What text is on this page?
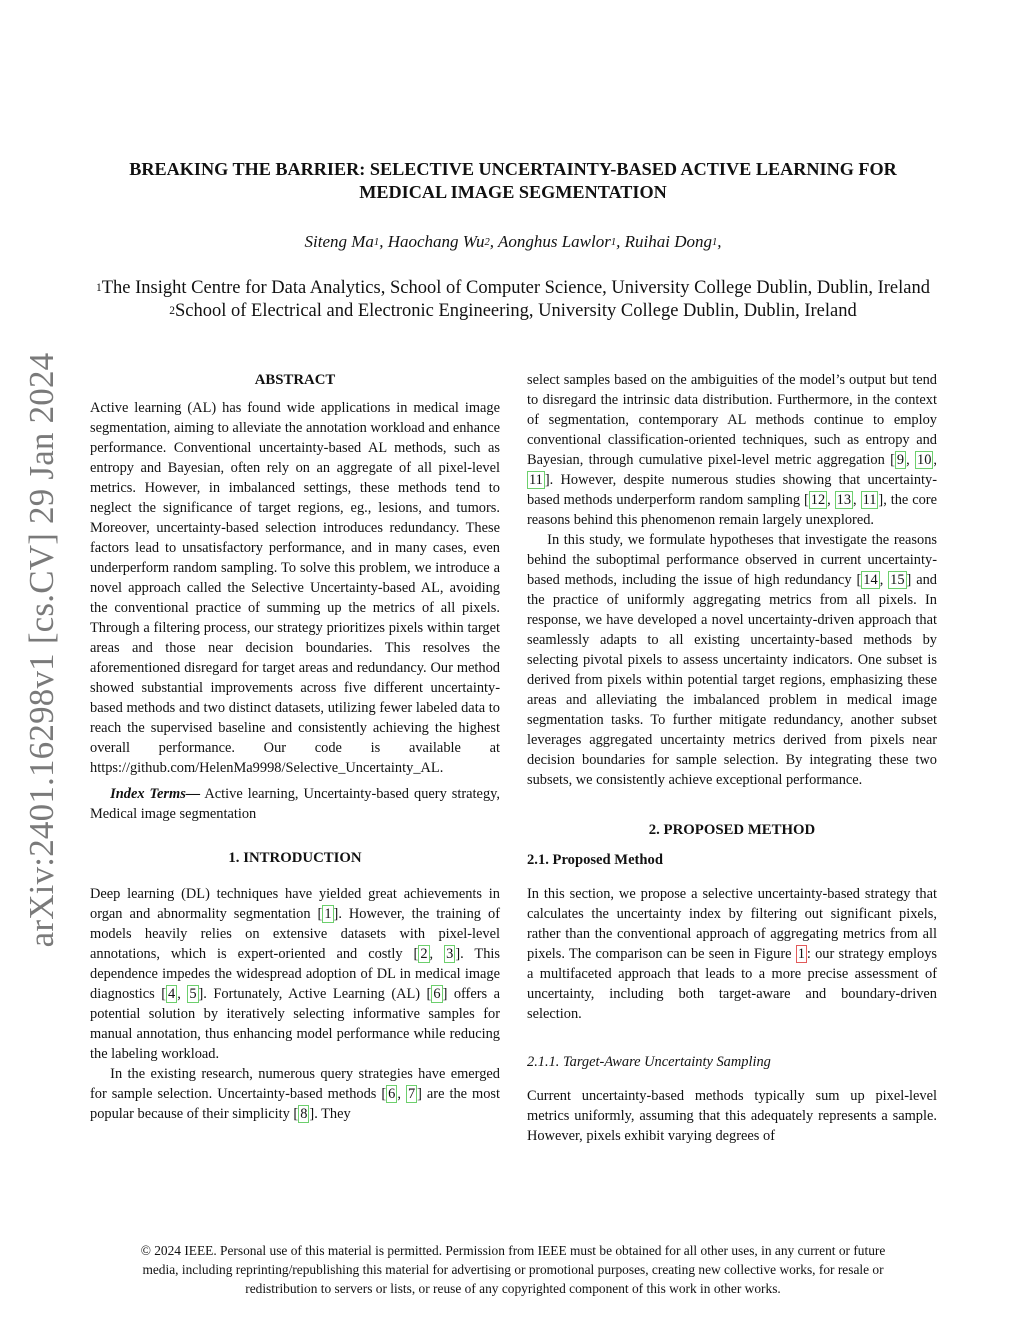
arXiv:2401.16298v1 [cs.CV] 29 Jan 2024
BREAKING THE BARRIER: SELECTIVE UNCERTAINTY-BASED ACTIVE LEARNING FOR
MEDICAL IMAGE SEGMENTATION
Siteng Ma$^1$, Haochang Wu$^2$, Aonghus Lawlor$^1$, Ruihai Dong$^1$,
$^1$The Insight Centre for Data Analytics, School of Computer Science, University College Dublin, Dublin, Ireland
$^2$School of Electrical and Electronic Engineering, University College Dublin, Dublin, Ireland
ABSTRACT

Active learning (AL) has found wide applications in medical image segmentation, aiming to alleviate the annotation workload and enhance performance. Conventional uncertainty-based AL methods, such as entropy and Bayesian, often rely on an aggregate of all pixel-level metrics. However, in imbalanced settings, these methods tend to neglect the significance of target regions, eg., lesions, and tumors. Moreover, uncertainty-based selection introduces redundancy. These factors lead to unsatisfactory performance, and in many cases, even underperform random sampling. To solve this problem, we introduce a novel approach called the Selective Uncertainty-based AL, avoiding the conventional practice of summing up the metrics of all pixels. Through a filtering process, our strategy prioritizes pixels within target areas and those near decision boundaries. This resolves the aforementioned disregard for target areas and redundancy. Our method showed substantial improvements across five different uncertainty-based methods and two distinct datasets, utilizing fewer labeled data to reach the supervised baseline and consistently achieving the highest overall performance. Our code is available at https://github.com/HelenMa9998/Selective_Uncertainty_AL.

Index Terms— Active learning, Uncertainty-based query strategy, Medical image segmentation

1. INTRODUCTION

Deep learning (DL) techniques have yielded great achievements in organ and abnormality segmentation [ 1 ]. However, the training of models heavily relies on extensive datasets with pixel-level annotations, which is expert-oriented and costly [ 2 , 3 ]. This dependence impedes the widespread adoption of DL in medical image diagnostics [ 4 , 5 ]. Fortunately, Active Learning (AL) [ 6 ] offers a potential solution by iteratively selecting informative samples for manual annotation, thus enhancing model performance while reducing the labeling workload.

In the existing research, numerous query strategies have emerged for sample selection. Uncertainty-based methods [ 6 , 7 ] are the most popular because of their simplicity [ 8 ]. They

select samples based on the ambiguities of the model’s output but tend to disregard the intrinsic data distribution. Furthermore, in the context of segmentation, contemporary AL methods continue to employ conventional classification-oriented techniques, such as entropy and Bayesian, through cumulative pixel-level metric aggregation [ 9 , 10 , 11 ]. However, despite numerous studies showing that uncertainty-based methods underperform random sampling [ 12 , 13 , 11 ], the core reasons behind this phenomenon remain largely unexplored.

In this study, we formulate hypotheses that investigate the reasons behind the suboptimal performance observed in current uncertainty-based methods, including the issue of high redundancy [ 14 , 15 ] and the practice of uniformly aggregating metrics from all pixels. In response, we have developed a novel uncertainty-driven approach that seamlessly adapts to all existing uncertainty-based methods by selecting pivotal pixels to assess uncertainty indicators. One subset is derived from pixels within potential target regions, emphasizing these areas and alleviating the imbalanced problem in medical image segmentation tasks. To further mitigate redundancy, another subset leverages aggregated uncertainty metrics derived from pixels near decision boundaries for sample selection. By integrating these two subsets, we consistently achieve exceptional performance.

2. PROPOSED METHOD
2.1. Proposed Method

In this section, we propose a selective uncertainty-based strategy that calculates the uncertainty index by filtering out significant pixels, rather than the conventional approach of aggregating metrics from all pixels. The comparison can be seen in Figure 1 : our strategy employs a multifaceted approach that leads to a more precise assessment of uncertainty, including both target-aware and boundary-driven selection.

2.1.1. Target-Aware Uncertainty Sampling

Current uncertainty-based methods typically sum up pixel-level metrics uniformly, assuming that this adequately represents a sample. However, pixels exhibit varying degrees of

© 2024 IEEE. Personal use of this material is permitted. Permission from IEEE must be obtained for all other uses, in any current or future
media, including reprinting/republishing this material for advertising or promotional purposes, creating new collective works, for resale or
redistribution to servers or lists, or reuse of any copyrighted component of this work in other works.
